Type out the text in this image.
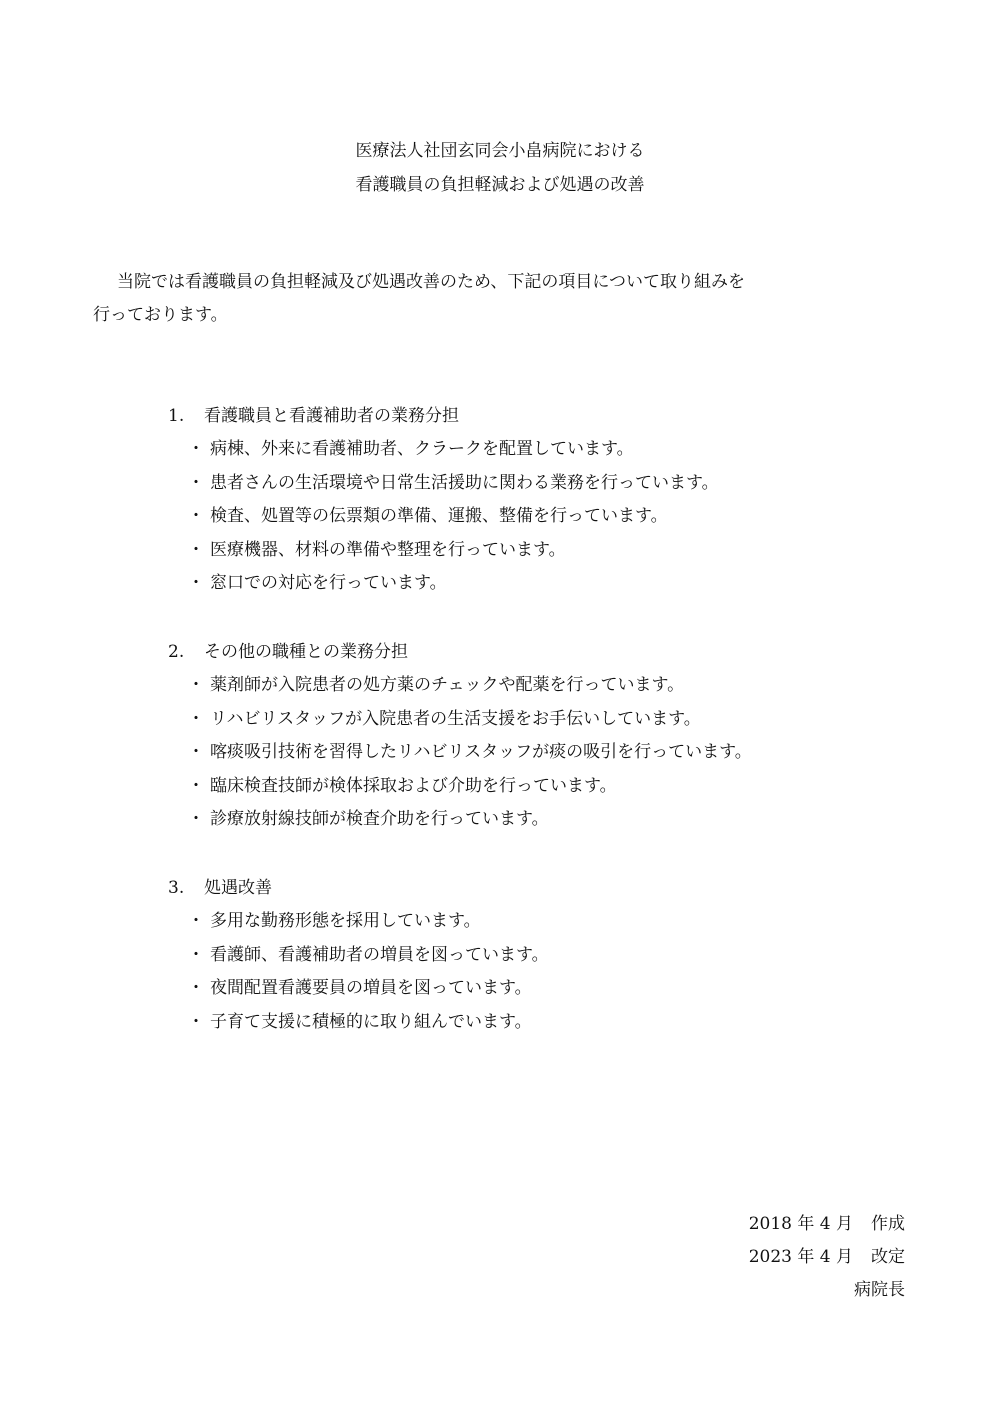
医療法人社団玄同会小畠病院における
看護職員の負担軽減および処遇の改善
当院では看護職員の負担軽減及び処遇改善のため、下記の項目について取り組みを
行っております。
1. 看護職員と看護補助者の業務分担
・ 病棟、外来に看護補助者、クラークを配置しています。
・ 患者さんの生活環境や日常生活援助に関わる業務を行っています。
・ 検査、処置等の伝票類の準備、運搬、整備を行っています。
・ 医療機器、材料の準備や整理を行っています。
・ 窓口での対応を行っています。
2. その他の職種との業務分担
・ 薬剤師が入院患者の処方薬のチェックや配薬を行っています。
・ リハビリスタッフが入院患者の生活支援をお手伝いしています。
・ 喀痰吸引技術を習得したリハビリスタッフが痰の吸引を行っています。
・ 臨床検査技師が検体採取および介助を行っています。
・ 診療放射線技師が検査介助を行っています。
3. 処遇改善
・ 多用な勤務形態を採用しています。
・ 看護師、看護補助者の増員を図っています。
・ 夜間配置看護要員の増員を図っています。
・ 子育て支援に積極的に取り組んでいます。
2018 年 4 月 作成
2023 年 4 月 改定
病院長
